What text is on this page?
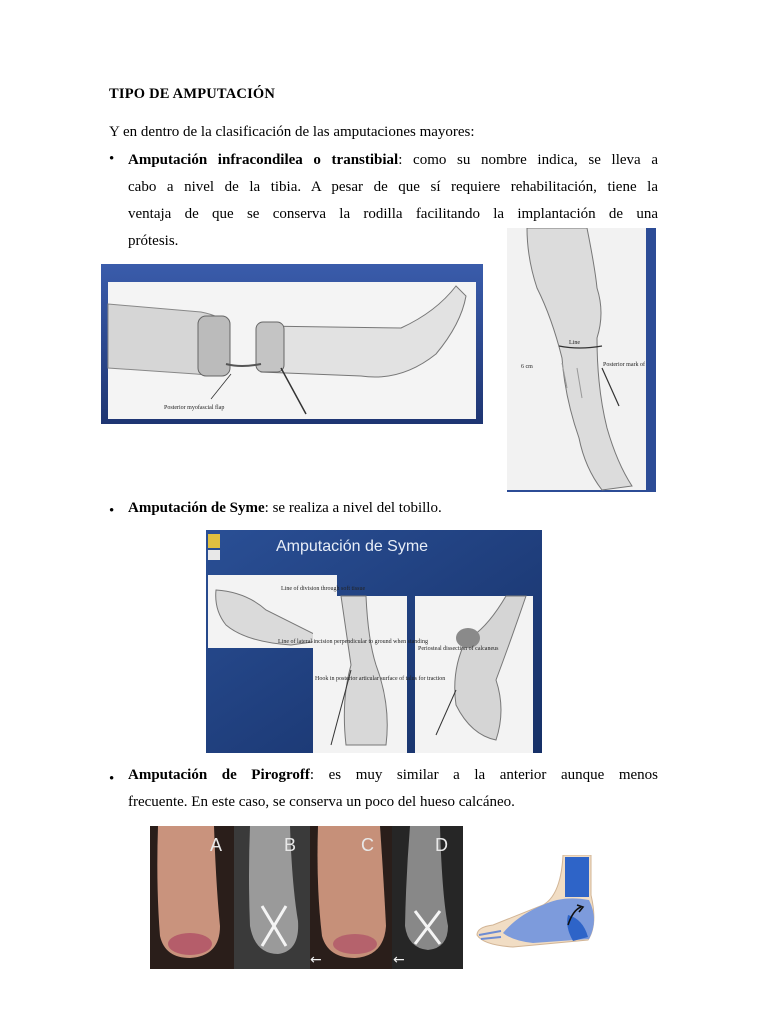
TIPO DE AMPUTACIÓN
Y en dentro de la clasificación de las amputaciones mayores:
• Amputación infracondilea o transtibial: como su nombre indica, se lleva a
cabo a nivel de la tibia. A pesar de que sí requiere rehabilitación, tiene la
ventaja de que se conserva la rodilla facilitando la implantación de una
prótesis.
Posterior myofascial flap
Line
Posterior mark of
6 cm
• Amputación de Syme: se realiza a nivel del tobillo.
Amputación de Syme
Line of division through soft tissue
Line of lateral incision perpendicular to ground when standing
Hook in posterior articular surface of talus for traction
Periosteal dissection of calcaneus
• Amputación de Pirogroff: es muy similar a la anterior aunque menos
frecuente. En este caso, se conserva un poco del hueso calcáneo.
A	B	C	D
←	←
